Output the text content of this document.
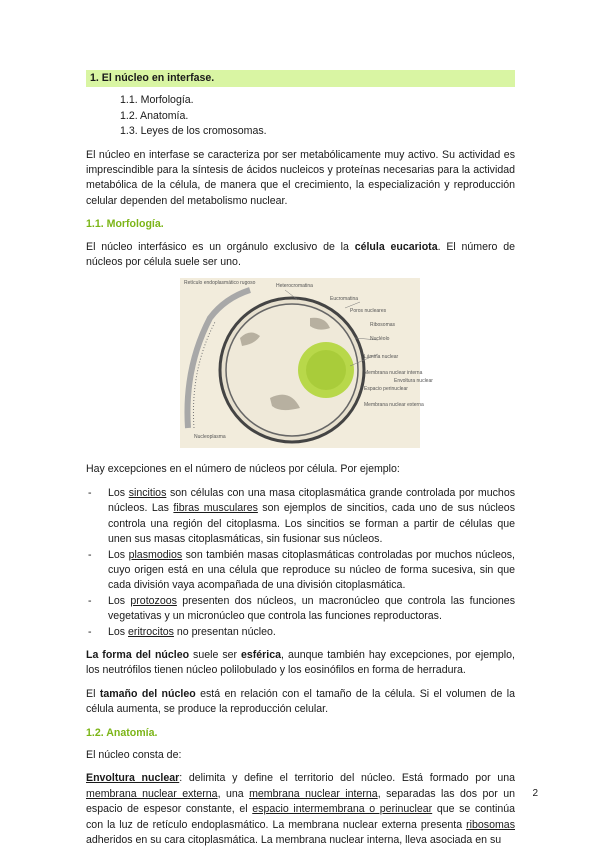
1. El núcleo en interfase.
1.1. Morfología.
1.2. Anatomía.
1.3. Leyes de los cromosomas.

El núcleo en interfase se caracteriza por ser metabólicamente muy activo. Su actividad es imprescindible para la síntesis de ácidos nucleicos y proteínas necesarias para la actividad metabólica de la célula, de manera que el crecimiento, la especialización y reproducción celular dependen del metabolismo nuclear.

1.1. Morfología.

El núcleo interfásico es un orgánulo exclusivo de la célula eucariota. El número de núcleos por célula suele ser uno.

Retículo endoplasmático rugoso	Heterocromatina
Eucromatina
Poros nucleares
Ribosomas
Nucléolo
Lámina nuclear
Membrana nuclear interna
Espacio perinuclear
Membrana nuclear externa
Envoltura nuclear
Nucleoplasma

Hay excepciones en el número de núcleos por célula. Por ejemplo:

- Los sincitios son células con una masa citoplasmática grande controlada por muchos núcleos. Las fibras musculares son ejemplos de sincitios, cada uno de sus núcleos controla una región del citoplasma. Los sincitios se forman a partir de células que unen sus masas citoplasmáticas, sin fusionar sus núcleos.
- Los plasmodios son también masas citoplasmáticas controladas por muchos núcleos, cuyo origen está en una célula que reproduce su núcleo de forma sucesiva, sin que cada división vaya acompañada de una división citoplasmática.
- Los protozoos presenten dos núcleos, un macronúcleo que controla las funciones vegetativas y un micronúcleo que controla las funciones reproductoras.
- Los eritrocitos no presentan núcleo.

La forma del núcleo suele ser esférica, aunque también hay excepciones, por ejemplo, los neutrófilos tienen núcleo polilobulado y los eosinófilos en forma de herradura.

El tamaño del núcleo está en relación con el tamaño de la célula. Si el volumen de la célula aumenta, se produce la reproducción celular.

1.2. Anatomía.

El núcleo consta de:

Envoltura nuclear: delimita y define el territorio del núcleo. Está formado por una membrana nuclear externa, una membrana nuclear interna, separadas las dos por un espacio de espesor constante, el espacio intermembrana o perinuclear que se continúa con la luz de retículo endoplasmático. La membrana nuclear externa presenta ribosomas adheridos en su cara citoplasmática. La membrana nuclear interna, lleva asociada en su

2
